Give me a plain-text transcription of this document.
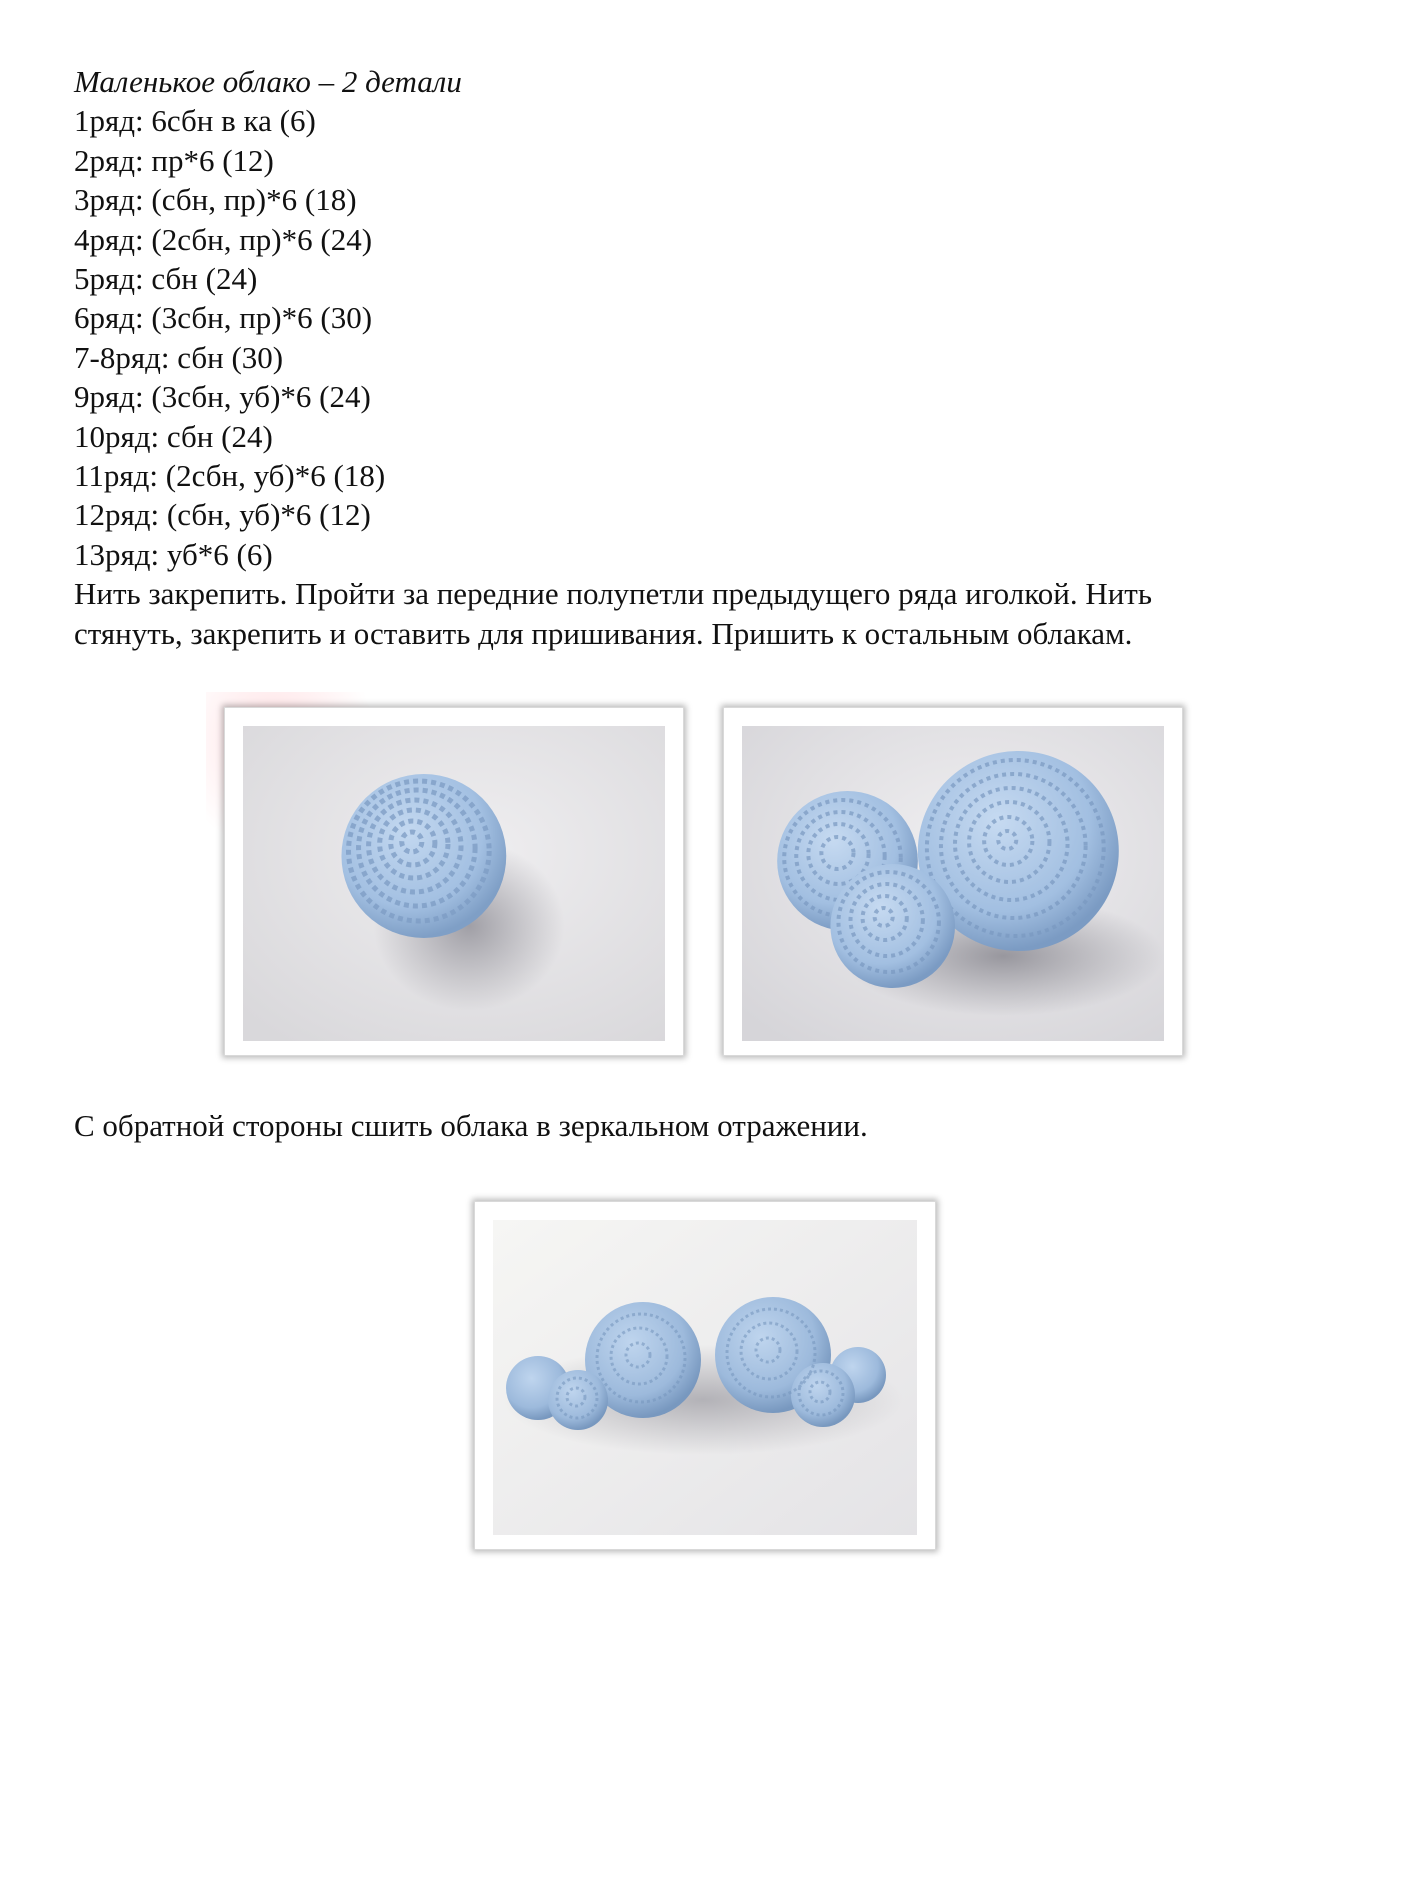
Маленькое облако – 2 детали
1ряд: 6сбн в ка (6)
2ряд: пр*6 (12)
3ряд: (сбн, пр)*6 (18)
4ряд: (2сбн, пр)*6 (24)
5ряд: сбн (24)
6ряд: (3сбн, пр)*6 (30)
7-8ряд: сбн (30)
9ряд: (3сбн, уб)*6 (24)
10ряд: сбн (24)
11ряд: (2сбн, уб)*6 (18)
12ряд: (сбн, уб)*6 (12)
13ряд: уб*6 (6)
Нить закрепить. Пройти за передние полупетли предыдущего ряда иголкой. Нить
стянуть, закрепить и оставить для пришивания. Пришить к остальным облакам.
С обратной стороны сшить облака в зеркальном отражении.
